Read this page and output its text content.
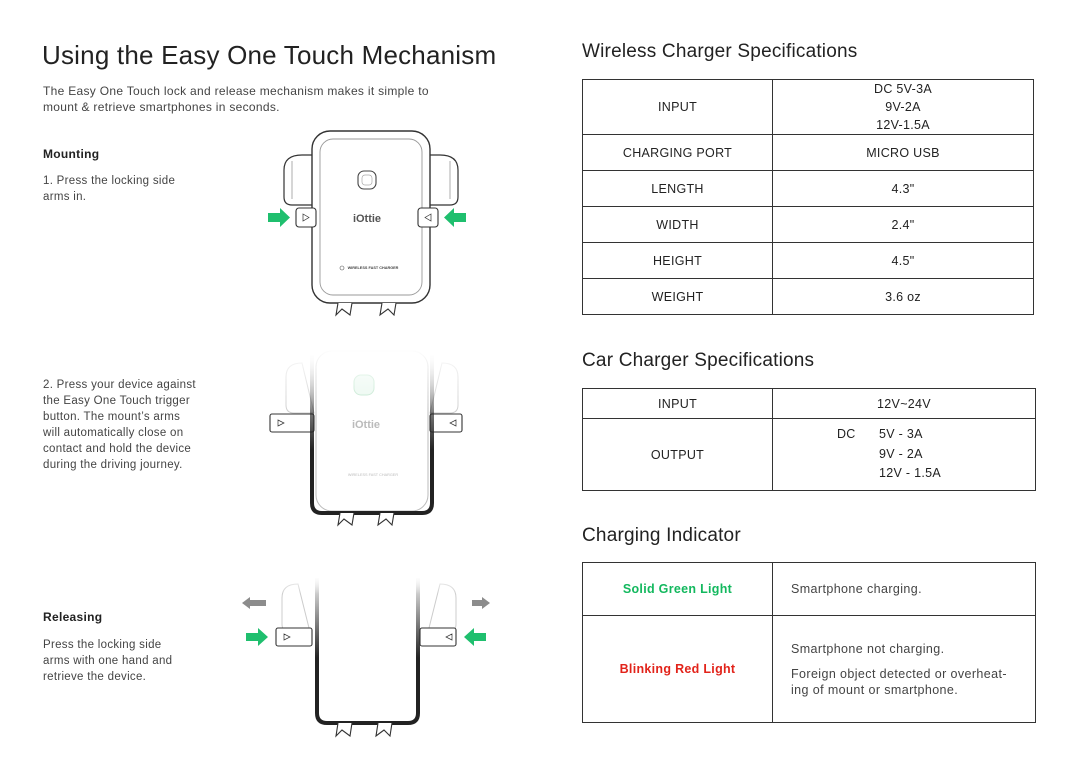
Using the Easy One Touch Mechanism

The Easy One Touch lock and release mechanism makes it simple to
mount & retrieve smartphones in seconds.

Mounting

1. Press the locking side
arms in.

2. Press your device against
the Easy One Touch trigger
button. The mount’s arms
will automatically close on
contact and hold the device
during the driving journey.

Releasing

Press the locking side
arms with one hand and
retrieve the device.

iOttie
WIRELESS FAST CHARGER
WIRELESS FAST CHARGER
Wireless Charger Specifications
INPUT	DC 5V-3A
9V-2A
12V-1.5A

CHARGING PORT	MICRO USB
LENGTH	4.3"
WIDTH	2.4"
HEIGHT	4.5"
WEIGHT	3.6 oz
Car Charger Specifications
INPUT	12V~24V
OUTPUT	DC 5V - 3A
9V - 2A
12V - 1.5A
Charging Indicator
Solid Green Light	Smartphone charging.

Blinking Red Light	Smartphone not charging.

Foreign object detected or overheat-
ing of mount or smartphone.
